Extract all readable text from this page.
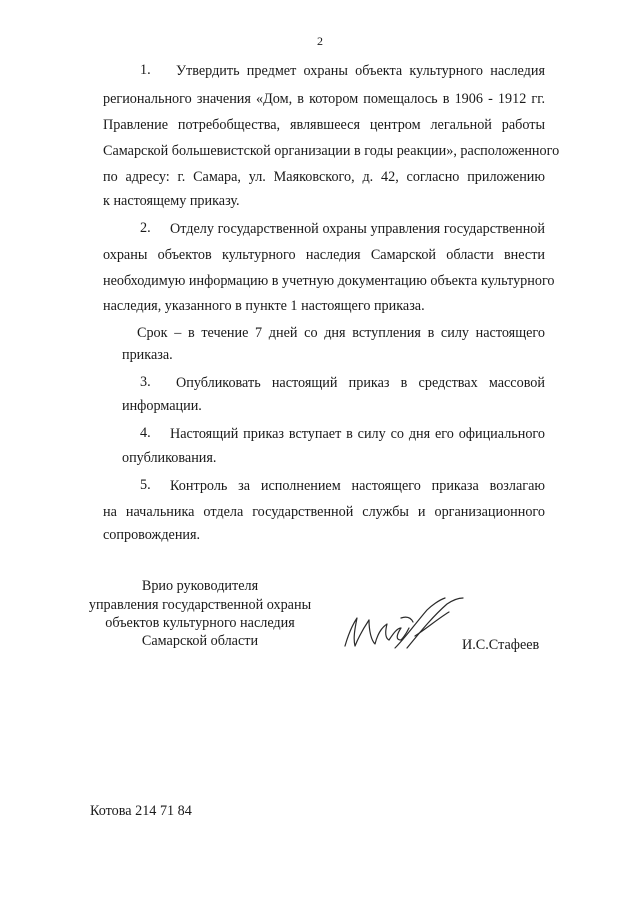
2
1. Утвердить предмет охраны объекта культурного наследия
регионального значения «Дом, в котором помещалось в 1906 - 1912 гг.
Правление потребобщества, являвшееся центром легальной работы
Самарской большевистской организации в годы реакции», расположенного
по адресу: г. Самара, ул. Маяковского, д. 42, согласно приложению
к настоящему приказу.
2. Отделу государственной охраны управления государственной
охраны объектов культурного наследия Самарской области внести
необходимую информацию в учетную документацию объекта культурного
наследия, указанного в пункте 1 настоящего приказа.
Срок – в течение 7 дней со дня вступления в силу настоящего
приказа.
3. Опубликовать настоящий приказ в средствах массовой
информации.
4. Настоящий приказ вступает в силу со дня его официального
опубликования.
5. Контроль за исполнением настоящего приказа возлагаю
на начальника отдела государственной службы и организационного
сопровождения.
Врио руководителя
управления государственной охраны
объектов культурного наследия
Самарской области	И.С.Стафеев
Котова 214 71 84
